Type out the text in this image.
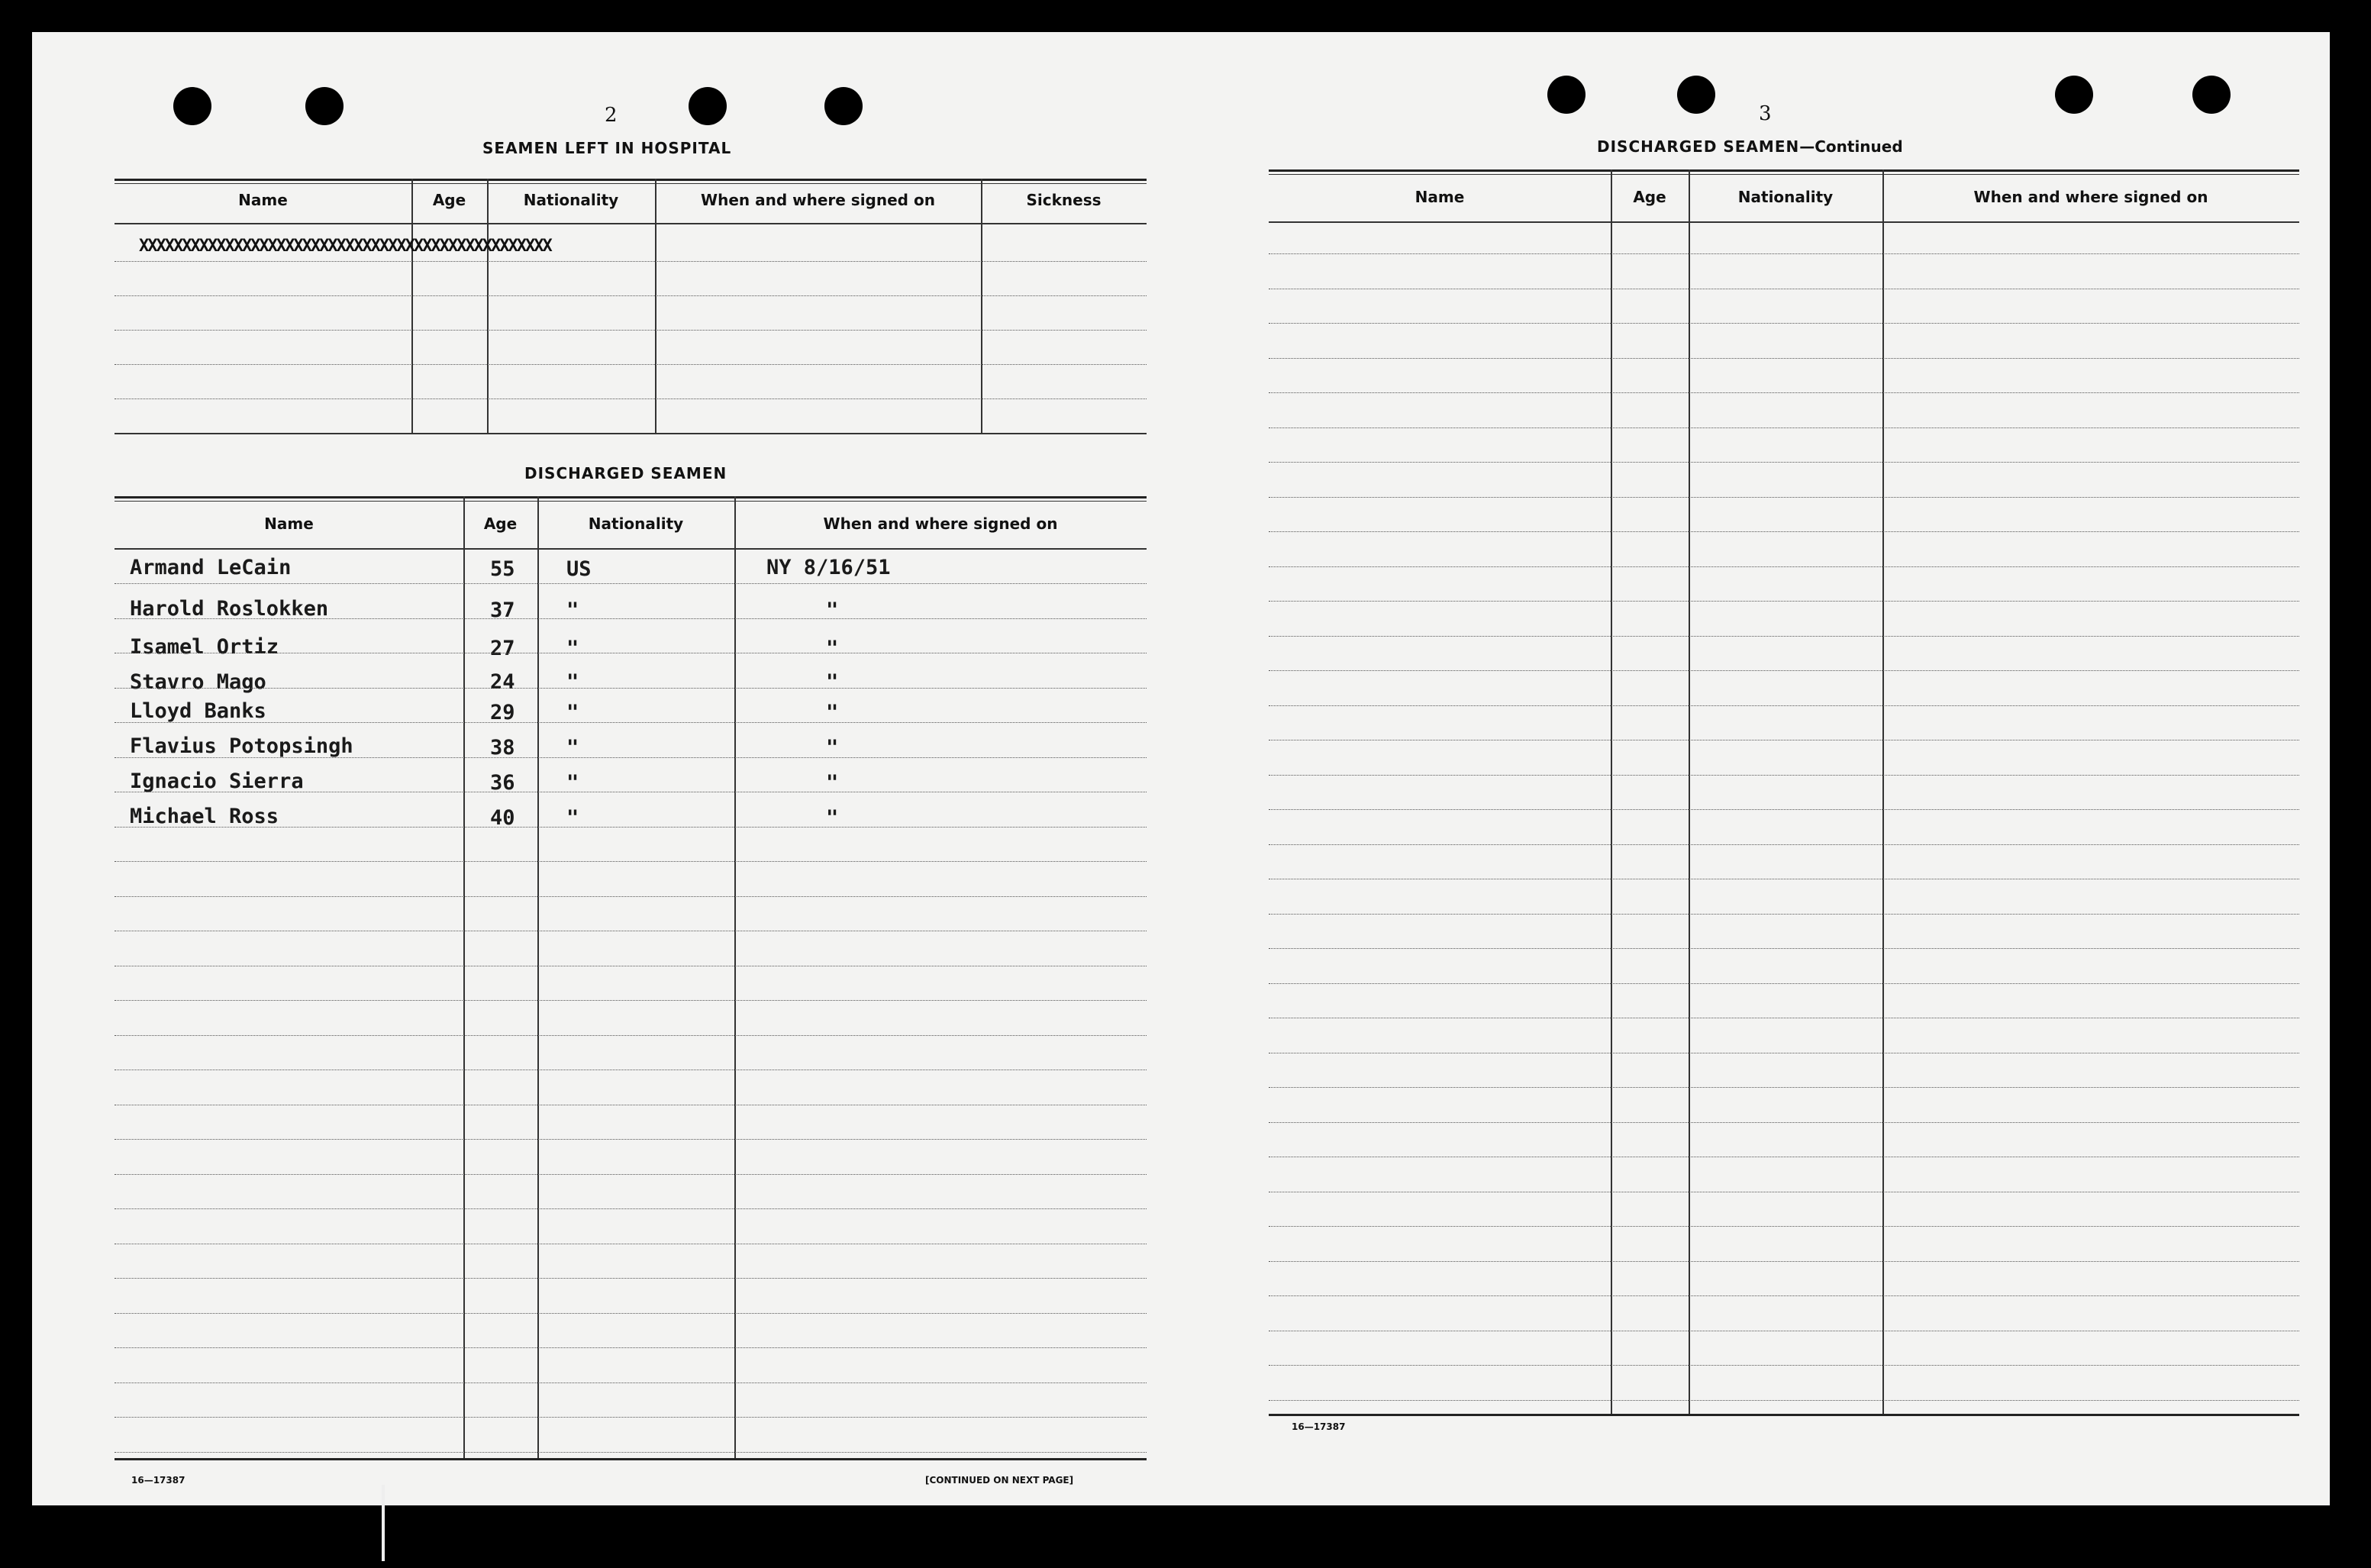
2
SEAMEN LEFT IN HOSPITAL
Name	Age	Nationality	When and where signed on	Sickness
XXXXXXXXXXXXXXXXXXXXXXXXXXXXXXXXXXXXXXXXXXXXXXXX
DISCHARGED SEAMEN
Name	Age	Nationality	When and where signed on
Armand LeCain	55 US	NY 8/16/51
Harold Roslokken	37 "	"
Isamel Ortiz	27 "	"
Stavro Mago	24 "	"
Lloyd Banks	29 "	"
Flavius Potopsingh	38 "	"
Ignacio Sierra	36 "	"
Michael Ross	40 "	"
16—17387	[CONTINUED ON NEXT PAGE]
3
DISCHARGED SEAMEN—Continued
Name	Age	Nationality	When and where signed on
16—17387
